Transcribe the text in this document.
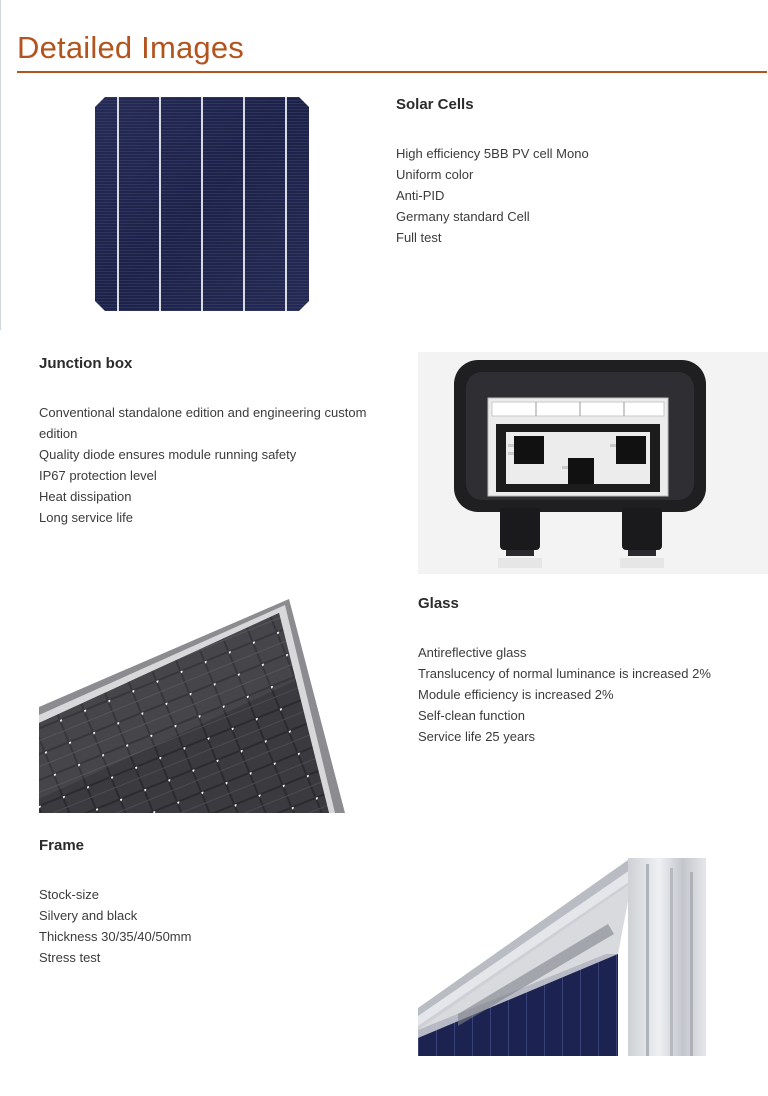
Detailed Images
Solar Cells
High efficiency 5BB PV cell Mono
Uniform color
Anti-PID
Germany standard Cell
Full test
Junction box
Conventional standalone edition and engineering custom edition
Quality diode ensures module running safety
IP67 protection level
Heat dissipation
Long service life
Glass
Antireflective glass
Translucency of normal luminance is increased 2%
Module efficiency is increased 2%
Self-clean function
Service life 25 years
Frame
Stock-size
Silvery and black
Thickness 30/35/40/50mm
Stress test
